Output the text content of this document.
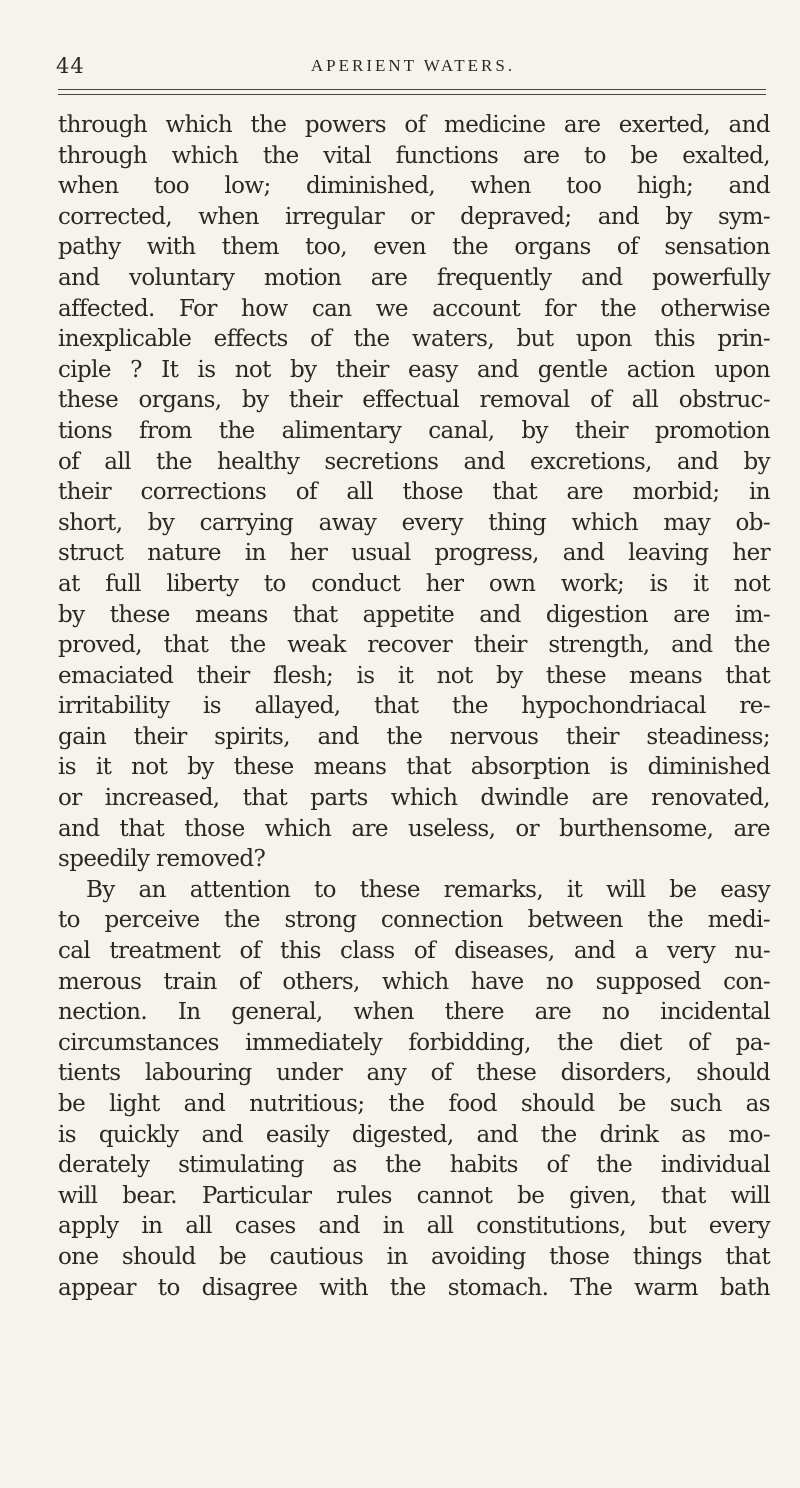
44	APERIENT WATERS.
through which the powers of medicine are exerted, and
through which the vital functions are to be exalted,
when too low; diminished, when too high; and
corrected, when irregular or depraved; and by sym-
pathy with them too, even the organs of sensation
and voluntary motion are frequently and powerfully
affected. For how can we account for the otherwise
inexplicable effects of the waters, but upon this prin-
ciple ? It is not by their easy and gentle action upon
these organs, by their effectual removal of all obstruc-
tions from the alimentary canal, by their promotion
of all the healthy secretions and excretions, and by
their corrections of all those that are morbid; in
short, by carrying away every thing which may ob-
struct nature in her usual progress, and leaving her
at full liberty to conduct her own work; is it not
by these means that appetite and digestion are im-
proved, that the weak recover their strength, and the
emaciated their flesh; is it not by these means that
irritability is allayed, that the hypochondriacal re-
gain their spirits, and the nervous their steadiness;
is it not by these means that absorption is diminished
or increased, that parts which dwindle are renovated,
and that those which are useless, or burthensome, are
speedily removed?
By an attention to these remarks, it will be easy
to perceive the strong connection between the medi-
cal treatment of this class of diseases, and a very nu-
merous train of others, which have no supposed con-
nection. In general, when there are no incidental
circumstances immediately forbidding, the diet of pa-
tients labouring under any of these disorders, should
be light and nutritious; the food should be such as
is quickly and easily digested, and the drink as mo-
derately stimulating as the habits of the individual
will bear. Particular rules cannot be given, that will
apply in all cases and in all constitutions, but every
one should be cautious in avoiding those things that
appear to disagree with the stomach. The warm bath
